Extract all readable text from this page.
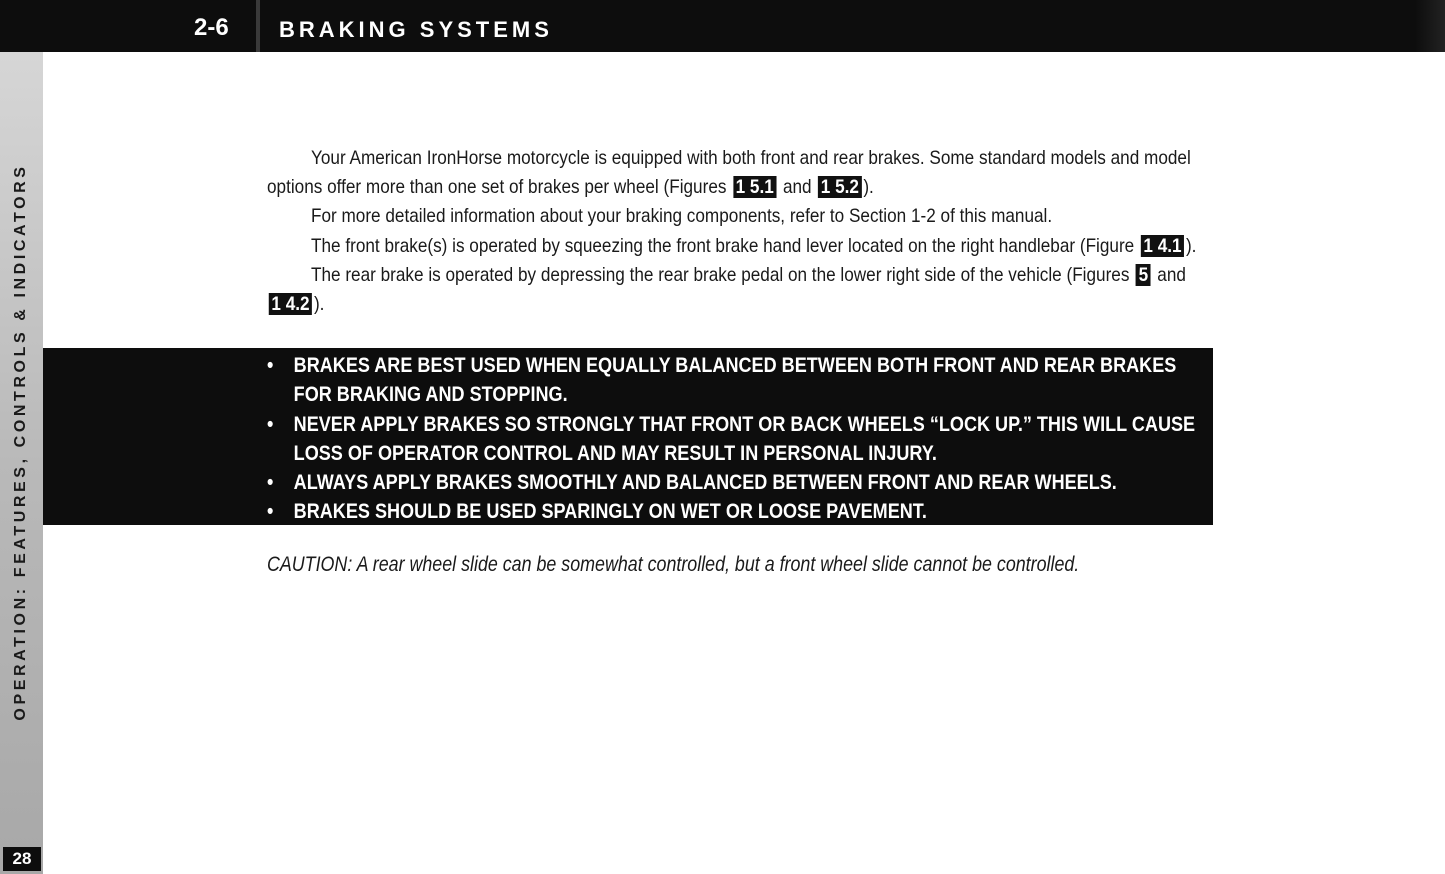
2-6 BRAKING SYSTEMS
OPERATION: FEATURES, CONTROLS & INDICATORS
28

Your American IronHorse motorcycle is equipped with both front and rear brakes. Some standard models and model options offer more than one set of brakes per wheel (Figures 1 5.1 and 1 5.2 ).

For more detailed information about your braking components, refer to Section 1-2 of this manual.

The front brake(s) is operated by squeezing the front brake hand lever located on the right handlebar (Figure 1 4.1 ).

The rear brake is operated by depressing the rear brake pedal on the lower right side of the vehicle (Figures 5 and1 4.2 ).

• BRAKES ARE BEST USED WHEN EQUALLY BALANCED BETWEEN BOTH FRONT AND REAR BRAKES FOR BRAKING AND STOPPING.
• NEVER APPLY BRAKES SO STRONGLY THAT FRONT OR BACK WHEELS “LOCK UP.” THIS WILL CAUSE LOSS OF OPERATOR CONTROL AND MAY RESULT IN PERSONAL INJURY.
• ALWAYS APPLY BRAKES SMOOTHLY AND BALANCED BETWEEN FRONT AND REAR WHEELS.
• BRAKES SHOULD BE USED SPARINGLY ON WET OR LOOSE PAVEMENT.
CAUTION: A rear wheel slide can be somewhat controlled, but a front wheel slide cannot be controlled.
